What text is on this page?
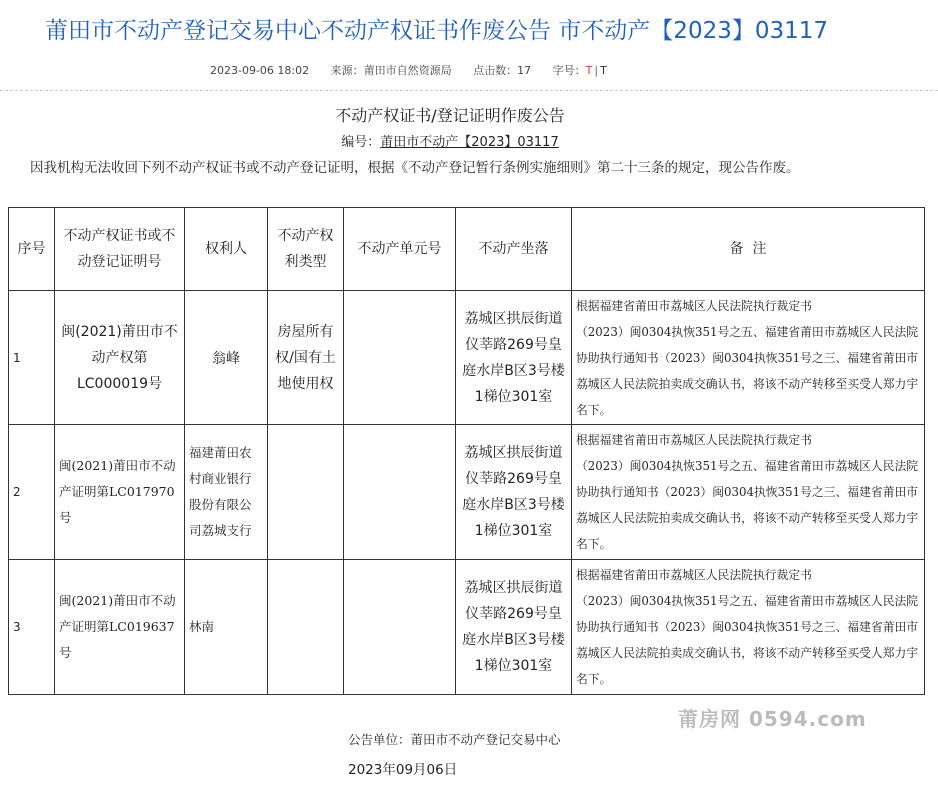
莆田市不动产登记交易中心不动产权证书作废公告 市不动产【2023】03117
2023-09-06 18:02 来源：莆田市自然资源局 点击数：17 字号：T | T
不动产权证书/登记证明作废公告
编号：莆田市不动产【2023】03117
因我机构无法收回下列不动产权证书或不动产登记证明，根据《不动产登记暂行条例实施细则》第二十三条的规定，现公告作废。
序号	不动产权证书或不动登记证明号	权利人	不动产权利类型	不动产单元号	不动产坐落	备  注
1	闽(2021)莆田市不动产权第LC000019号	翁峰	房屋所有权/国有土地使用权		荔城区拱辰街道仪莘路269号皇庭水岸B区3号楼1梯位301室	根据福建省莆田市荔城区人民法院执行裁定书
（2023）闽0304执恢351号之五、福建省莆田市荔城区人民法院协助执行通知书（2023）闽0304执恢351号之三、福建省莆田市荔城区人民法院拍卖成交确认书，将该不动产转移至买受人郑力宇名下。
2	闽(2021)莆田市不动产证明第LC017970号	福建莆田农村商业银行股份有限公司荔城支行			荔城区拱辰街道仪莘路269号皇庭水岸B区3号楼1梯位301室	根据福建省莆田市荔城区人民法院执行裁定书
（2023）闽0304执恢351号之五、福建省莆田市荔城区人民法院协助执行通知书（2023）闽0304执恢351号之三、福建省莆田市荔城区人民法院拍卖成交确认书，将该不动产转移至买受人郑力宇名下。
3	闽(2021)莆田市不动产证明第LC019637号	林南			荔城区拱辰街道仪莘路269号皇庭水岸B区3号楼1梯位301室	根据福建省莆田市荔城区人民法院执行裁定书
（2023）闽0304执恢351号之五、福建省莆田市荔城区人民法院协助执行通知书（2023）闽0304执恢351号之三、福建省莆田市荔城区人民法院拍卖成交确认书，将该不动产转移至买受人郑力宇名下。
莆房网 0594.com
公告单位：莆田市不动产登记交易中心
2023年09月06日
